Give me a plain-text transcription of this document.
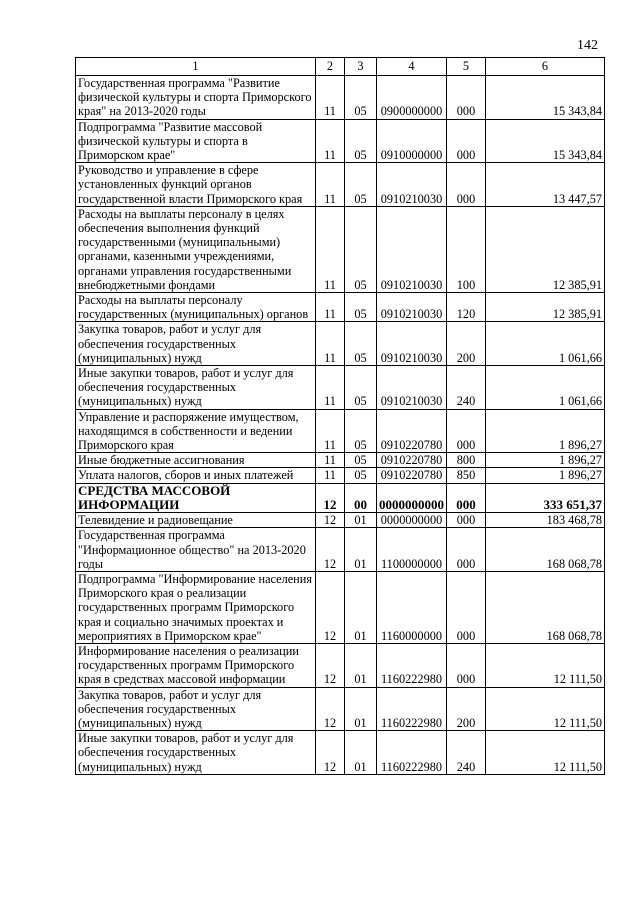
142
1	2	3	4	5	6
Государственная программа "Развитие физической культуры и спорта Приморского края" на 2013-2020 годы	11	05	0900000000	000	15 343,84
Подпрограмма "Развитие массовой физической культуры и спорта в Приморском крае"	11	05	0910000000	000	15 343,84
Руководство и управление в сфере установленных функций органов государственной власти Приморского края	11	05	0910210030	000	13 447,57
Расходы на выплаты персоналу в целях обеспечения выполнения функций государственными (муниципальными) органами, казенными учреждениями, органами управления государственными внебюджетными фондами	11	05	0910210030	100	12 385,91
Расходы на выплаты персоналу государственных (муниципальных) органов	11	05	0910210030	120	12 385,91
Закупка товаров, работ и услуг для обеспечения государственных (муниципальных) нужд	11	05	0910210030	200	1 061,66
Иные закупки товаров, работ и услуг для обеспечения государственных (муниципальных) нужд	11	05	0910210030	240	1 061,66
Управление и распоряжение имуществом, находящимся в собственности и ведении Приморского края	11	05	0910220780	000	1 896,27
Иные бюджетные ассигнования	11	05	0910220780	800	1 896,27
Уплата налогов, сборов и иных платежей	11	05	0910220780	850	1 896,27
СРЕДСТВА МАССОВОЙ ИНФОРМАЦИИ	12	00	0000000000	000	333 651,37
Телевидение и радиовещание	12	01	0000000000	000	183 468,78
Государственная программа "Информационное общество" на 2013-2020 годы	12	01	1100000000	000	168 068,78
Подпрограмма "Информирование населения Приморского края о реализации государственных программ Приморского края и социально значимых проектах и мероприятиях в Приморском крае"	12	01	1160000000	000	168 068,78
Информирование населения о реализации государственных программ Приморского края в средствах массовой информации	12	01	1160222980	000	12 111,50
Закупка товаров, работ и услуг для обеспечения государственных (муниципальных) нужд	12	01	1160222980	200	12 111,50
Иные закупки товаров, работ и услуг для обеспечения государственных (муниципальных) нужд	12	01	1160222980	240	12 111,50
